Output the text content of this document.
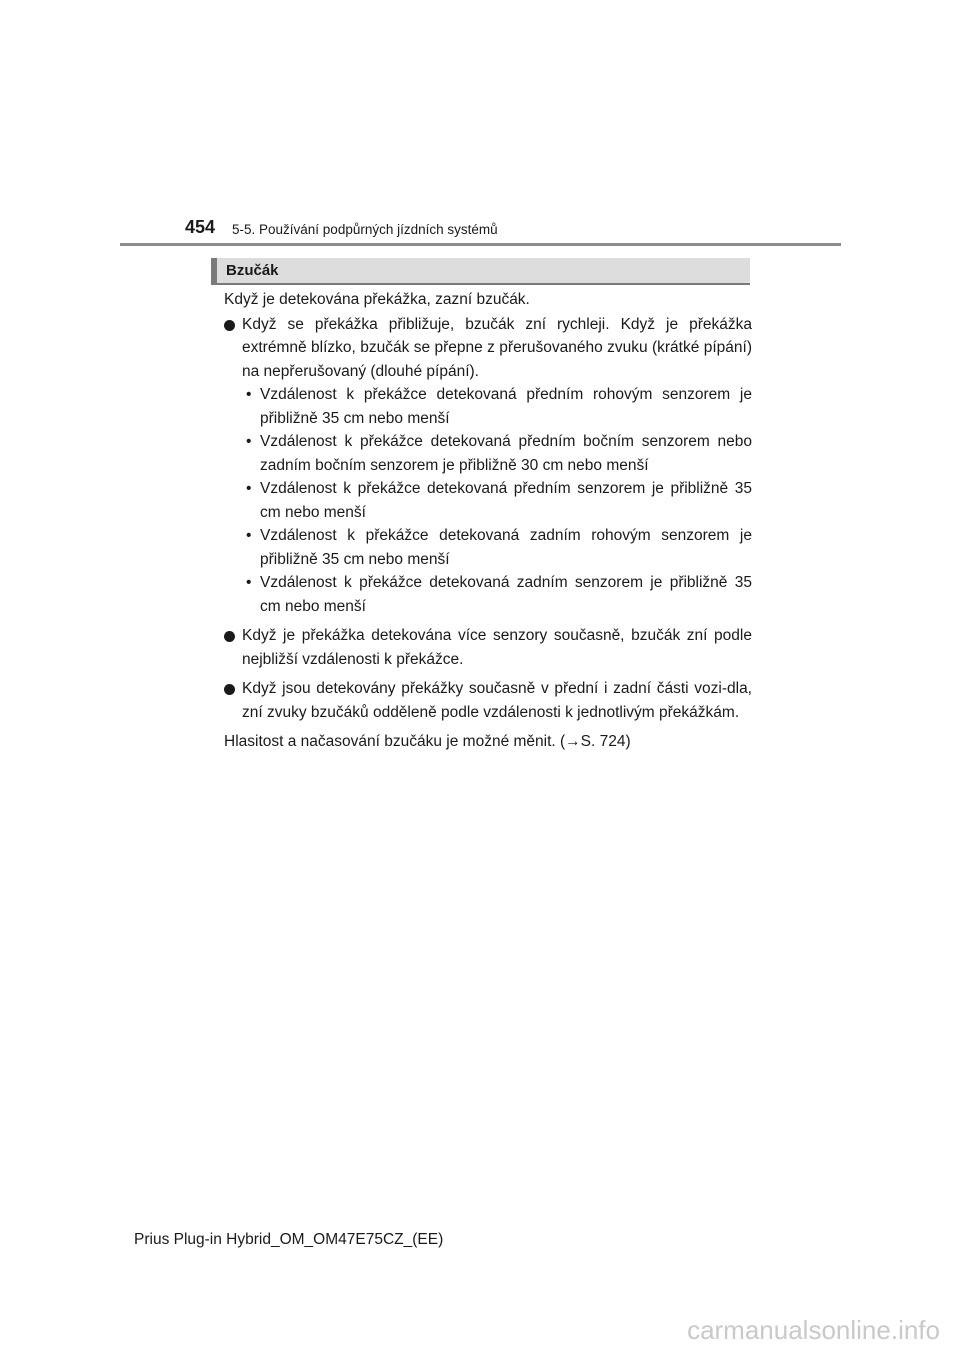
454 5-5. Používání podpůrných jízdních systémů
Bzučák

Když je detekována překážka, zazní bzučák.

Když se překážka přibližuje, bzučák zní rychleji. Když je překážka extrémně blízko, bzučák se přepne z přerušovaného zvuku (krátké pípání) na nepřerušovaný (dlouhé pípání).
• Vzdálenost k překážce detekovaná předním rohovým senzorem je přibližně 35 cm nebo menší
• Vzdálenost k překážce detekovaná předním bočním senzorem nebo zadním bočním senzorem je přibližně 30 cm nebo menší
• Vzdálenost k překážce detekovaná předním senzorem je přibližně 35 cm nebo menší
• Vzdálenost k překážce detekovaná zadním rohovým senzorem je přibližně 35 cm nebo menší
• Vzdálenost k překážce detekovaná zadním senzorem je přibližně 35 cm nebo menší
Když je překážka detekována více senzory současně, bzučák zní podle nejbližší vzdálenosti k překážce.
Když jsou detekovány překážky současně v přední i zadní části vozi-dla, zní zvuky bzučáků odděleně podle vzdálenosti k jednotlivým překážkám.

Hlasitost a načasování bzučáku je možné měnit. (→S. 724)

Prius Plug-in Hybrid_OM_OM47E75CZ_(EE)
carmanualsonline.info
